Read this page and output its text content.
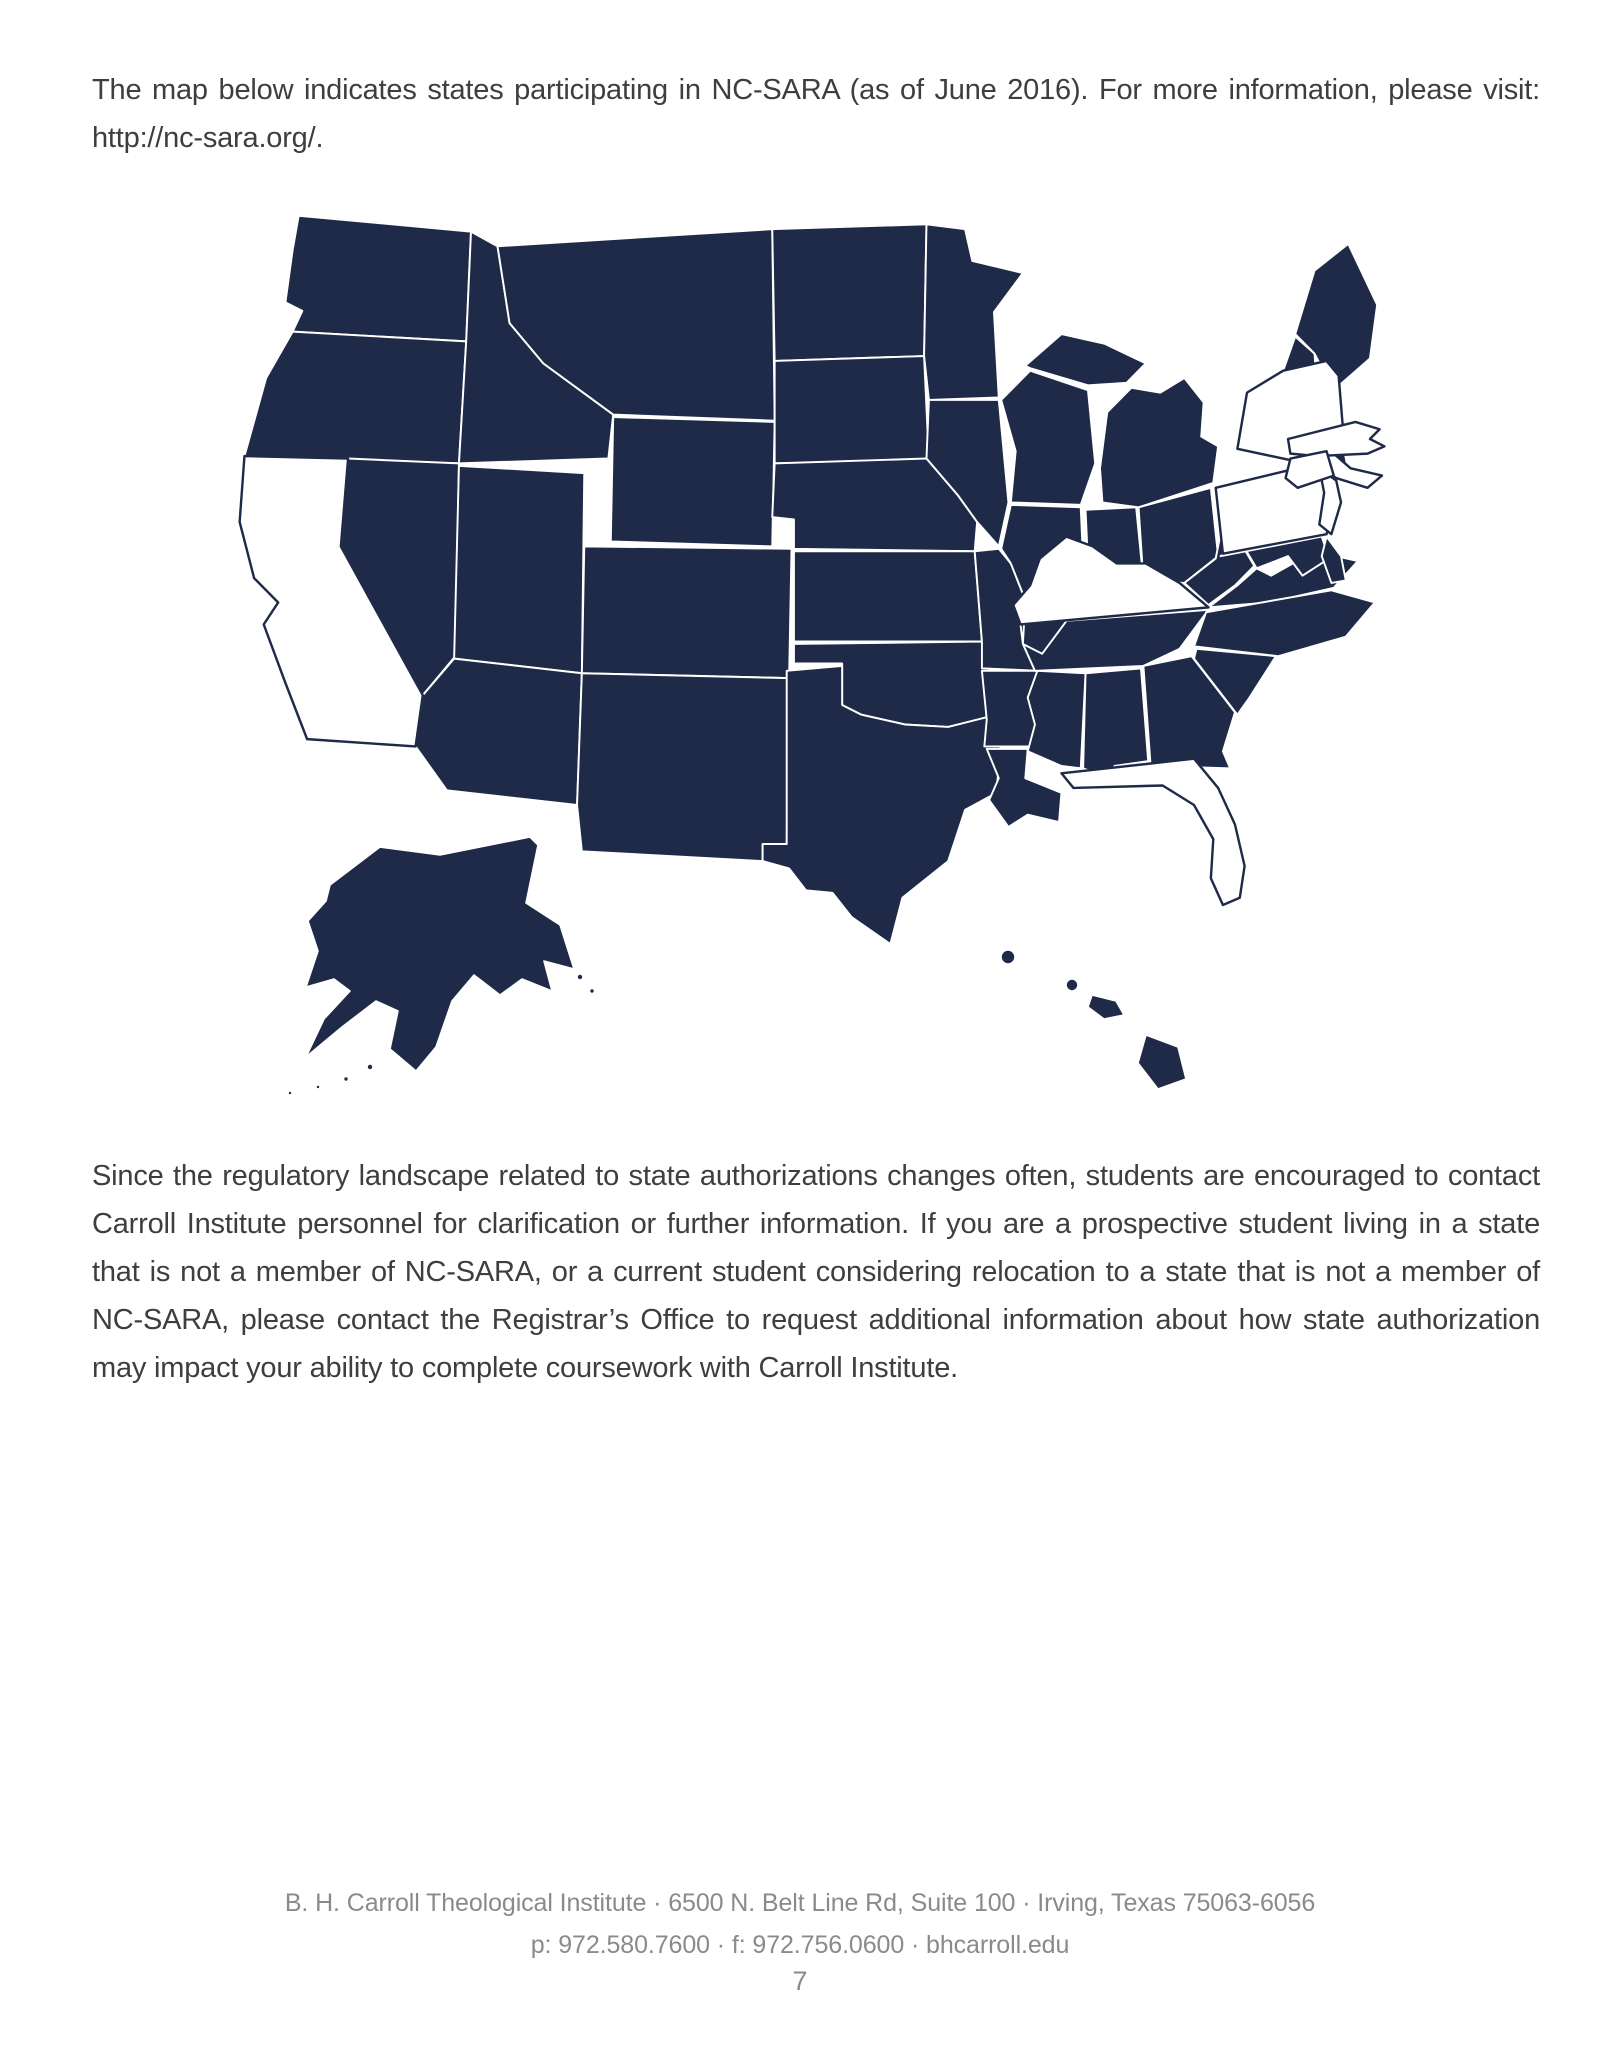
The map below indicates states participating in NC-SARA (as of June 2016). For more information, please visit: http://nc-sara.org/.

Since the regulatory landscape related to state authorizations changes often, students are encouraged to contact Carroll Institute personnel for clarification or further information. If you are a prospective student living in a state that is not a member of NC-SARA, or a current student considering relocation to a state that is not a member of NC-SARA, please contact the Registrar’s Office to request additional information about how state authorization may impact your ability to complete coursework with Carroll Institute.

B. H. Carroll Theological Institute · 6500 N. Belt Line Rd, Suite 100 · Irving, Texas 75063-6056
p: 972.580.7600 · f: 972.756.0600 · bhcarroll.edu
7
